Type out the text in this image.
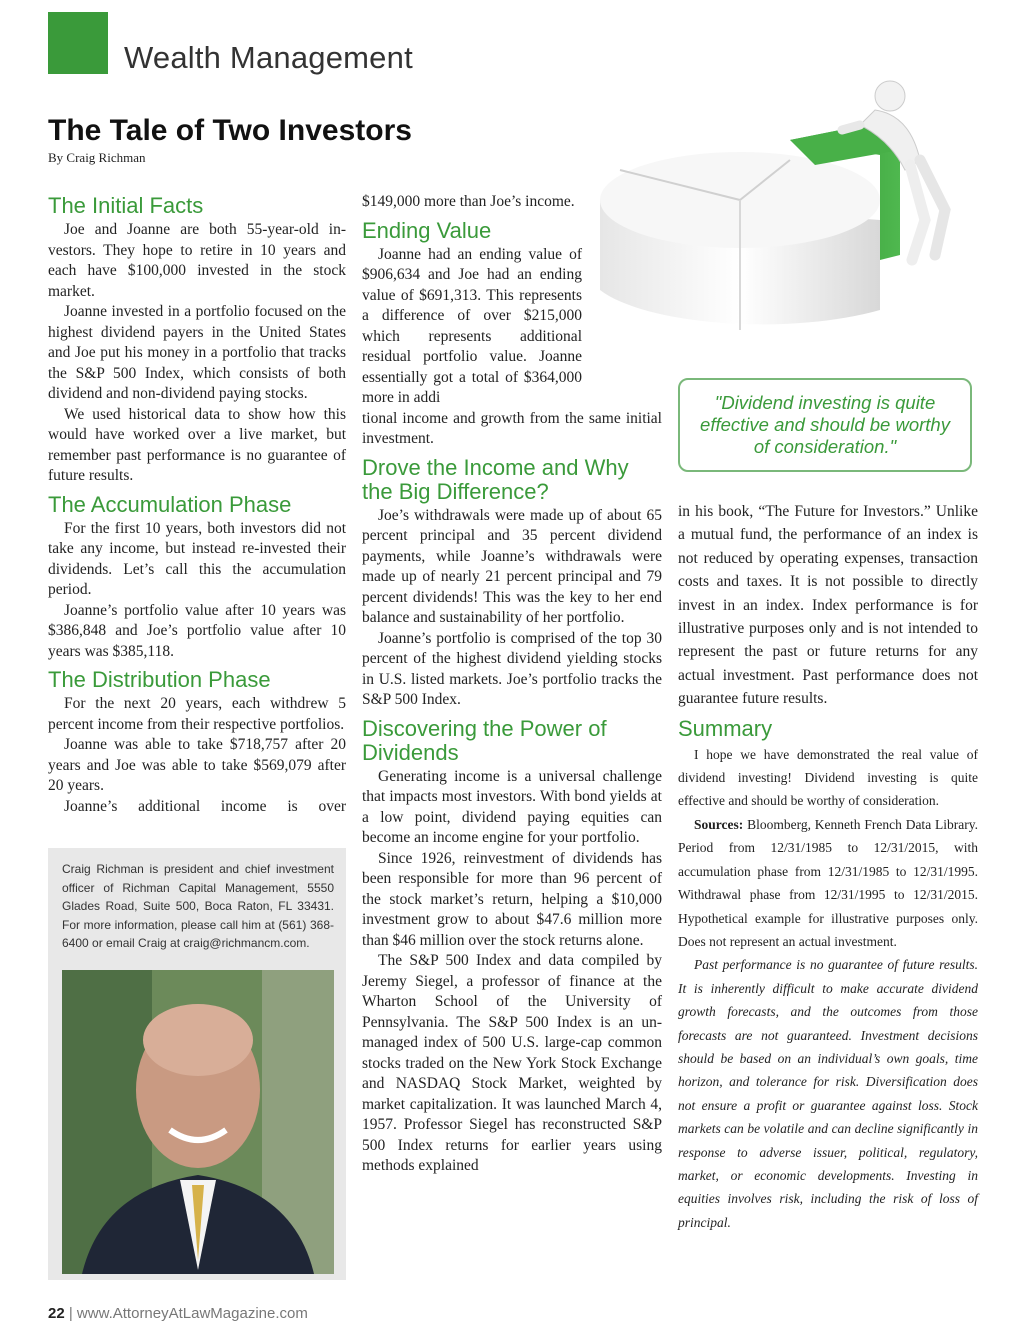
Wealth Management
The Tale of Two Investors
By Craig Richman
The Initial Facts

Joe and Joanne are both 55-year-old investors. They hope to retire in 10 years and each have $100,000 invested in the stock market.

Joanne invested in a portfolio focused on the highest dividend payers in the United States and Joe put his money in a portfolio that tracks the S&P 500 Index, which consists of both dividend and non-dividend paying stocks.

We used historical data to show how this would have worked over a live market, but remember past performance is no guarantee of future results.

The Accumulation Phase

For the first 10 years, both investors did not take any income, but instead re-invested their dividends. Let’s call this the accumulation period.

Joanne’s portfolio value after 10 years was $386,848 and Joe’s portfolio value after 10 years was $385,118.

The Distribution Phase

For the next 20 years, each withdrew 5 percent income from their respective portfolios.

Joanne was able to take $718,757 after 20 years and Joe was able to take $569,079 after 20 years.

Joanne’s additional income is over

Craig Richman is president and chief investment officer of Richman Capital Management, 5550 Glades Road, Suite 500, Boca Raton, FL 33431. For more information, please call him at (561) 368-6400 or email Craig at craig@richmancm.com.

$149,000 more than Joe’s income.

Ending Value

Joanne had an ending value of $906,634 and Joe had an ending value of $691,313. This represents a difference of over $215,000 which represents additional residual portfolio value. Joanne essentially got a total of $364,000 more in addi

tional income and growth from the same initial investment.

Drove the Income and Why the Big Difference?

Joe’s withdrawals were made up of about 65 percent principal and 35 percent dividend payments, while Joanne’s withdrawals were made up of nearly 21 percent principal and 79 percent dividends! This was the key to her end balance and sustainability of her portfolio.

Joanne’s portfolio is comprised of the top 30 percent of the highest dividend yielding stocks in U.S. listed markets. Joe’s portfolio tracks the S&P 500 Index.

Discovering the Power of Dividends

Generating income is a universal challenge that impacts most investors. With bond yields at a low point, dividend paying equities can become an income engine for your portfolio.

Since 1926, reinvestment of dividends has been responsible for more than 96 percent of the stock market’s return, helping a $10,000 investment grow to about $47.6 million more than $46 million over the stock returns alone.

The S&P 500 Index and data compiled by Jeremy Siegel, a professor of finance at the Wharton School of the University of Pennsylvania. The S&P 500 Index is an unmanaged index of 500 U.S. large-cap common stocks traded on the New York Stock Exchange and NASDAQ Stock Market, weighted by market capitalization. It was launched March 4, 1957. Professor Siegel has reconstructed S&P 500 Index returns for earlier years using methods explained

"Dividend investing is quite effective and should be worthy of consideration."

in his book, “The Future for Investors.” Unlike a mutual fund, the performance of an index is not reduced by operating expenses, transaction costs and taxes. It is not possible to directly invest in an index. Index performance is for illustrative purposes only and is not intended to represent the past or future returns for any actual investment. Past performance does not guarantee future results.

Summary

I hope we have demonstrated the real value of dividend investing! Dividend investing is quite effective and should be worthy of consideration.

Sources: Bloomberg, Kenneth French Data Library. Period from 12/31/1985 to 12/31/2015, with accumulation phase from 12/31/1985 to 12/31/1995. Withdrawal phase from 12/31/1995 to 12/31/2015. Hypothetical example for illustrative purposes only. Does not represent an actual investment.

Past performance is no guarantee of future results. It is inherently difficult to make accurate dividend growth forecasts, and the outcomes from those forecasts are not guaranteed. Investment decisions should be based on an individual’s own goals, time horizon, and tolerance for risk. Diversification does not ensure a profit or guarantee against loss. Stock markets can be volatile and can decline significantly in response to adverse issuer, political, regulatory, market, or economic developments. Investing in equities involves risk, including the risk of loss of principal.

22 | www.AttorneyAtLawMagazine.com
